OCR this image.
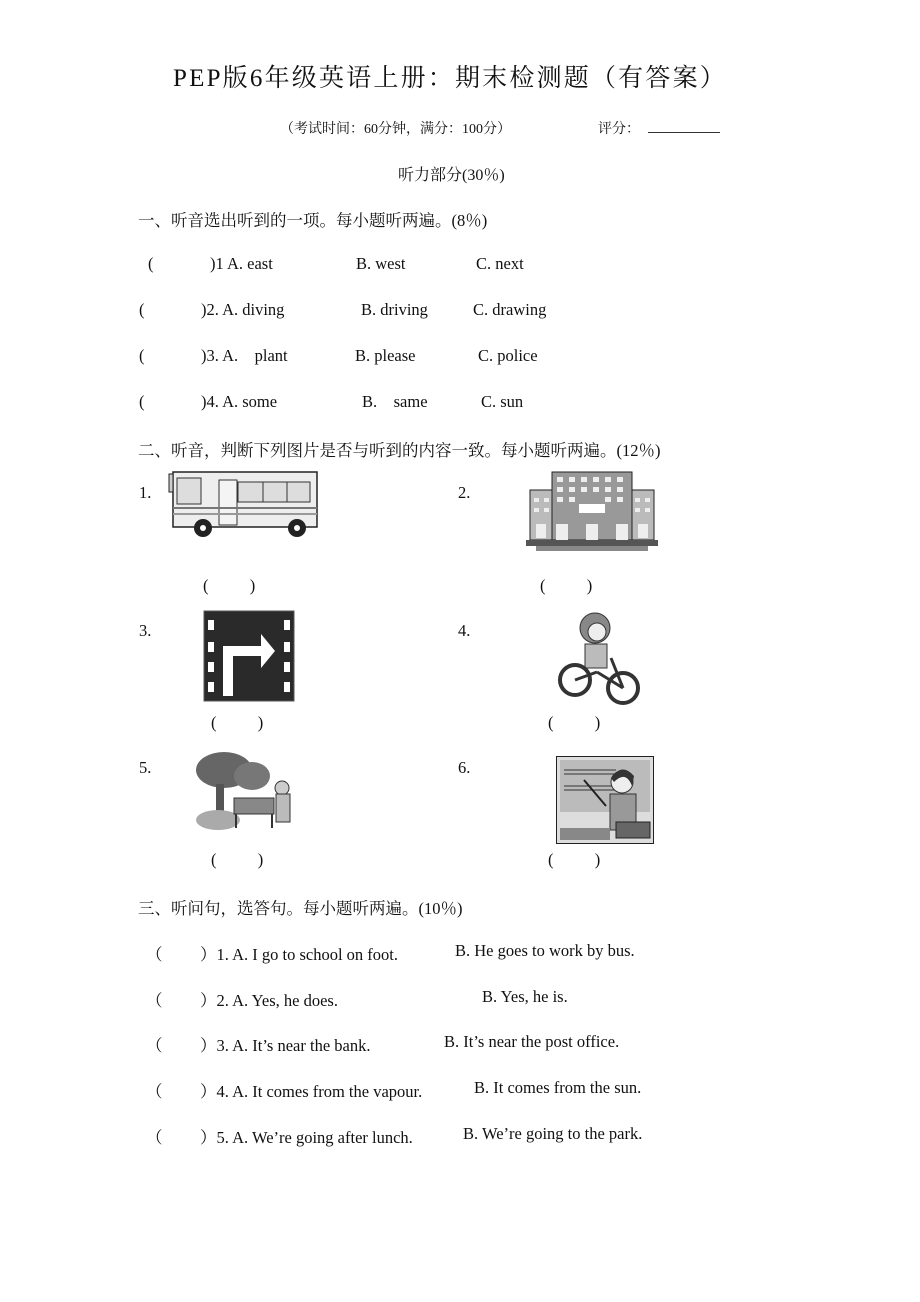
PEP版6年级英语上册：期末检测题（有答案）
（考试时间：60分钟，满分：100分）	评分：
听力部分(30％)
一、听音选出听到的一项。每小题听两遍。(8％)
(	)1 A. east	B. west	C. next
(	)2. A. diving	B. driving	C. drawing
(	)3. A.    plant	B. please	C. police
(	)4. A. some	B.    same	C. sun
二、听音，判断下列图片是否与听到的内容一致。每小题听两遍。(12％)
1.
(          )
2.
(          )
3.
(          )
4.
(          )
5.
(          )
6.
(          )
三、听问句，选答句。每小题听两遍。(10％)
（ ）1. A. I go to school on foot.	B. He goes to work by bus.
（ ）2. A. Yes, he does.	B. Yes, he is.
（ ）3. A. It’s near the bank.	B. It’s near the post office.
（ ）4. A. It comes from the vapour.	B. It comes from the sun.
（ ）5. A. We’re going after lunch.	B. We’re going to the park.
